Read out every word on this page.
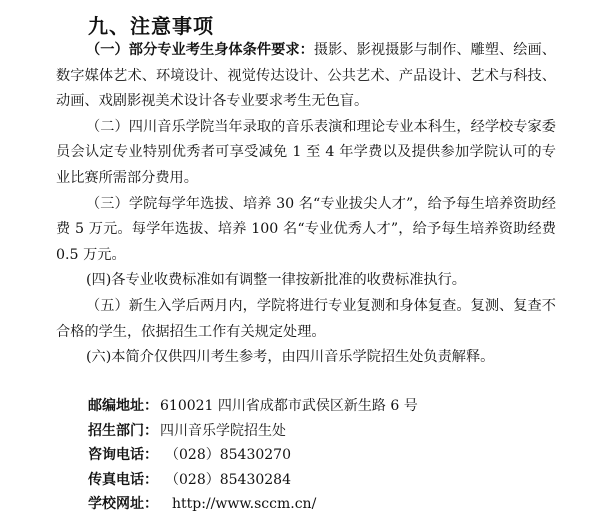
九、注意事项

（一）部分专业考生身体条件要求：摄影、影视摄影与制作、雕塑、绘画、数字媒体艺术、环境设计、视觉传达设计、公共艺术、产品设计、艺术与科技、动画、戏剧影视美术设计各专业要求考生无色盲。

（二）四川音乐学院当年录取的音乐表演和理论专业本科生，经学校专家委员会认定专业特别优秀者可享受减免 1 至 4 年学费以及提供参加学院认可的专业比赛所需部分费用。

（三）学院每学年选拔、培养 30 名“专业拔尖人才”，给予每生培养资助经费 5 万元。每学年选拔、培养 100 名“专业优秀人才”，给予每生培养资助经费 0.5 万元。

(四)各专业收费标准如有调整一律按新批准的收费标准执行。

（五）新生入学后两月内，学院将进行专业复测和身体复查。复测、复查不合格的学生，依据招生工作有关规定处理。

(六)本简介仅供四川考生参考，由四川音乐学院招生处负责解释。

邮编地址： 610021 四川省成都市武侯区新生路 6 号
招生部门： 四川音乐学院招生处
咨询电话： （028）85430270
传真电话： （028）85430284
学校网址： http://www.sccm.cn/
